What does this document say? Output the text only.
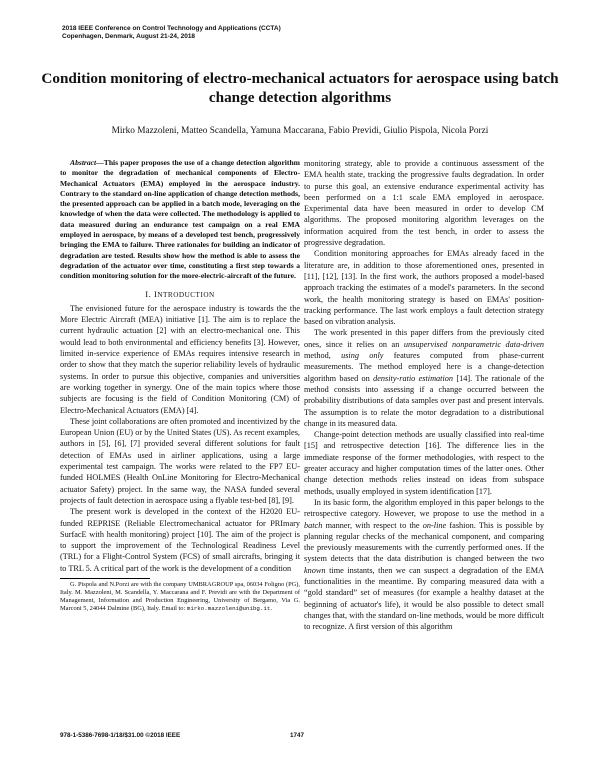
2018 IEEE Conference on Control Technology and Applications (CCTA)
Copenhagen, Denmark, August 21-24, 2018
Condition monitoring of electro-mechanical actuators for aerospace using batch change detection algorithms
Mirko Mazzoleni, Matteo Scandella, Yamuna Maccarana, Fabio Previdi, Giulio Pispola, Nicola Porzi

Abstract—This paper proposes the use of a change detection algorithm to monitor the degradation of mechanical components of Electro-Mechanical Actuators (EMA) employed in the aerospace industry. Contrary to the standard on-line application of change detection methods, the presented approach can be applied in a batch mode, leveraging on the knowledge of when the data were collected. The methodology is applied to data measured during an endurance test campaign on a real EMA employed in aerospace, by means of a developed test bench, progressively bringing the EMA to failure. Three rationales for building an indicator of degradation are tested. Results show how the method is able to assess the degradation of the actuator over time, constituting a first step towards a condition monitoring solution for the more-electric-aircraft of the future.

I. INTRODUCTION

The envisioned future for the aerospace industry is towards the the More Electric Aircraft (MEA) initiative [1]. The aim is to replace the current hydraulic actuation [2] with an electro-mechanical one. This would lead to both environmental and efficiency benefits [3]. However, limited in-service experience of EMAs requires intensive research in order to show that they match the superior reliability levels of hydraulic systems. In order to pursue this objective, companies and universities are working together in synergy. One of the main topics where those subjects are focusing is the field of Condition Monitoring (CM) of Electro-Mechanical Actuators (EMA) [4].

These joint collaborations are often promoted and incentivized by the European Union (EU) or by the United States (US). As recent examples, authors in [5], [6], [7] provided several different solutions for fault detection of EMAs used in airliner applications, using a large experimental test campaign. The works were related to the FP7 EU-funded HOLMES (Health OnLine Monitoring for Electro-Mechanical actuator Safety) project. In the same way, the NASA funded several projects of fault detection in aerospace using a flyable test-bed [8], [9].

The present work is developed in the context of the H2020 EU-funded REPRISE (Reliable Electromechanical actuator for PRImary SurfacE with health monitoring) project [10]. The aim of the project is to support the improvement of the Technological Readiness Level (TRL) for a Flight-Control System (FCS) of small aircrafts, bringing it to TRL 5. A critical part of the work is the development of a condition

G. Pispola and N.Porzi are with the company UMBRAGROUP spa, 06034 Foligno (PG), Italy. M. Mazzoleni, M. Scandella, Y. Maccarana and F. Previdi are with the Department of Management, Information and Production Engineering, University of Bergamo, Via G. Marconi 5, 24044 Dalmine (BG), Italy. Email to: mirko.mazzoleni@unibg.it.

monitoring strategy, able to provide a continuous assessment of the EMA health state, tracking the progressive faults degradation. In order to purse this goal, an extensive endurance experimental activity has been performed on a 1:1 scale EMA employed in aerospace. Experimental data have been measured in order to develop CM algorithms. The proposed monitoring algorithm leverages on the information acquired from the test bench, in order to assess the progressive degradation.

Condition monitoring approaches for EMAs already faced in the literature are, in addition to those aforementioned ones, presented in [11], [12], [13]. In the first work, the authors proposed a model-based approach tracking the estimates of a model's parameters. In the second work, the health monitoring strategy is based on EMAs' position-tracking performance. The last work employs a fault detection strategy based on vibration analysis.

The work presented in this paper differs from the previously cited ones, since it relies on an unsupervised nonparametric data-driven method, using only features computed from phase-current measurements. The method employed here is a change-detection algorithm based on density-ratio estimation [14]. The rationale of the method consists into assessing if a change occurred between the probability distributions of data samples over past and present intervals. The assumption is to relate the motor degradation to a distributional change in its measured data.

Change-point detection methods are usually classified into real-time [15] and retrospective detection [16]. The difference lies in the immediate response of the former methodologies, with respect to the greater accuracy and higher computation times of the latter ones. Other change detection methods relies instead on ideas from subspace methods, usually employed in system identification [17].

In its basic form, the algorithm employed in this paper belongs to the retrospective category. However, we propose to use the method in a batch manner, with respect to the on-line fashion. This is possible by planning regular checks of the mechanical component, and comparing the previously measurements with the currently performed ones. If the system detects that the data distribution is changed between the two known time instants, then we can suspect a degradation of the EMA functionalities in the meantime. By comparing measured data with a “gold standard” set of measures (for example a healthy dataset at the beginning of actuator's life), it would be also possible to detect small changes that, with the standard on-line methods, would be more difficult to recognize. A first version of this algorithm

978-1-5386-7698-1/18/$31.00 ©2018 IEEE	1747
